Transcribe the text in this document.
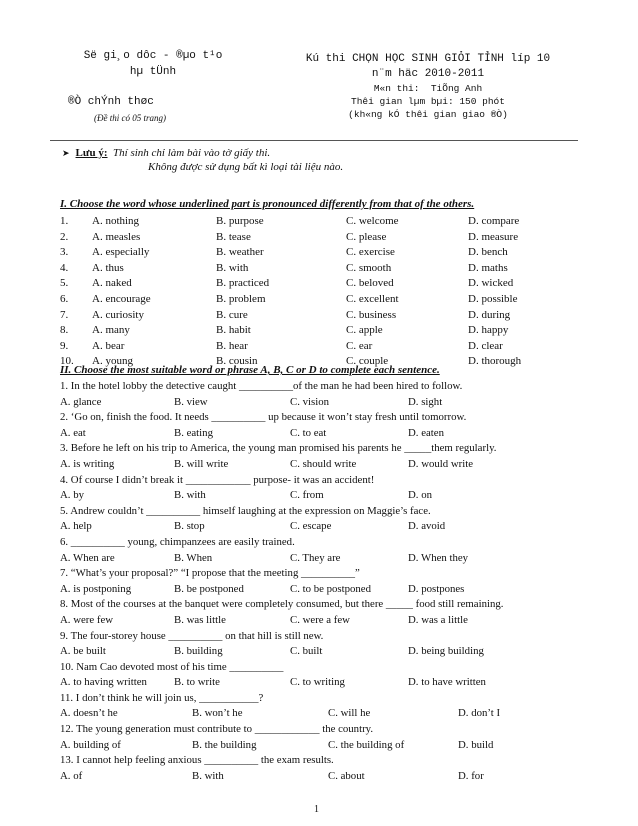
Së gi¸o dôc - ®µo t¹o
hµ tÜnh
®Ò chÝnh thøc
(Đề thi có 05 trang)
Kú thi CHỌN HỌC SINH GIỎI TỈNH líp 10
n¨m häc 2010-2011
M«n thi: TiÕng Anh
Thêi gian lµm bµi: 150 phót
(kh«ng kÓ thêi gian giao ®Ò)
➤ Lưu ý: Thí sinh chỉ làm bài vào tờ giấy thi.
Không được sử dụng bất kì loại tài liệu nào.
I. Choose the word whose underlined part is pronounced differently from that of the others.
1. A. nothing	B. purpose	C. welcome	D. compare
2. A. measles	B. tease	C. please	D. measure
3. A. especially	B. weather	C. exercise	D. bench
4. A. thus	B. with	C. smooth	D. maths
5. A. naked	B. practiced	C. beloved	D. wicked
6. A. encourage	B. problem	C. excellent	D. possible
7. A. curiosity	B. cure	C. business	D. during
8. A. many	B. habit	C. apple	D. happy
9. A. bear	B. hear	C. ear	D. clear
10. A. young	B. cousin	C. couple	D. thorough
II. Choose the most suitable word or phrase A, B, C or D to complete each sentence.
1. In the hotel lobby the detective caught __________of the man he had been hired to follow.
A. glance	B. view	C. vision	D. sight
2. ‘Go on, finish the food. It needs __________ up because it won’t stay fresh until tomorrow.
A. eat	B. eating	C. to eat	D. eaten
3. Before he left on his trip to America, the young man promised his parents he _____them regularly.
A. is writing	B. will write	C. should write	D. would write
4. Of course I didn’t break it ____________ purpose- it was an accident!
A. by	B. with	C. from	D. on
5. Andrew couldn’t __________ himself laughing at the expression on Maggie’s face.
A. help	B. stop	C. escape	D. avoid
6. __________ young, chimpanzees are easily trained.
A. When are	B. When	C. They are	D. When they
7. “What’s your proposal?” “I propose that the meeting __________”
A. is postponing	B. be postponed	C. to be postponed	D. postpones
8. Most of the courses at the banquet were completely consumed, but there _____ food still remaining.
A. were few	B. was little	C. were a few	D. was a little
9. The four-storey house __________ on that hill is still new.
A. be built	B. building	C. built	D. being building
10. Nam Cao devoted most of his time __________
A. to having written	B. to write	C. to writing	D. to have written
11. I don’t think he will join us, ___________?
A. doesn’t he	B. won’t he	C. will he	D. don’t I
12. The young generation must contribute to ____________ the country.
A. building of	B. the building	C. the building of	D. build
13. I cannot help feeling anxious __________ the exam results.
A. of	B. with	C. about	D. for
1
